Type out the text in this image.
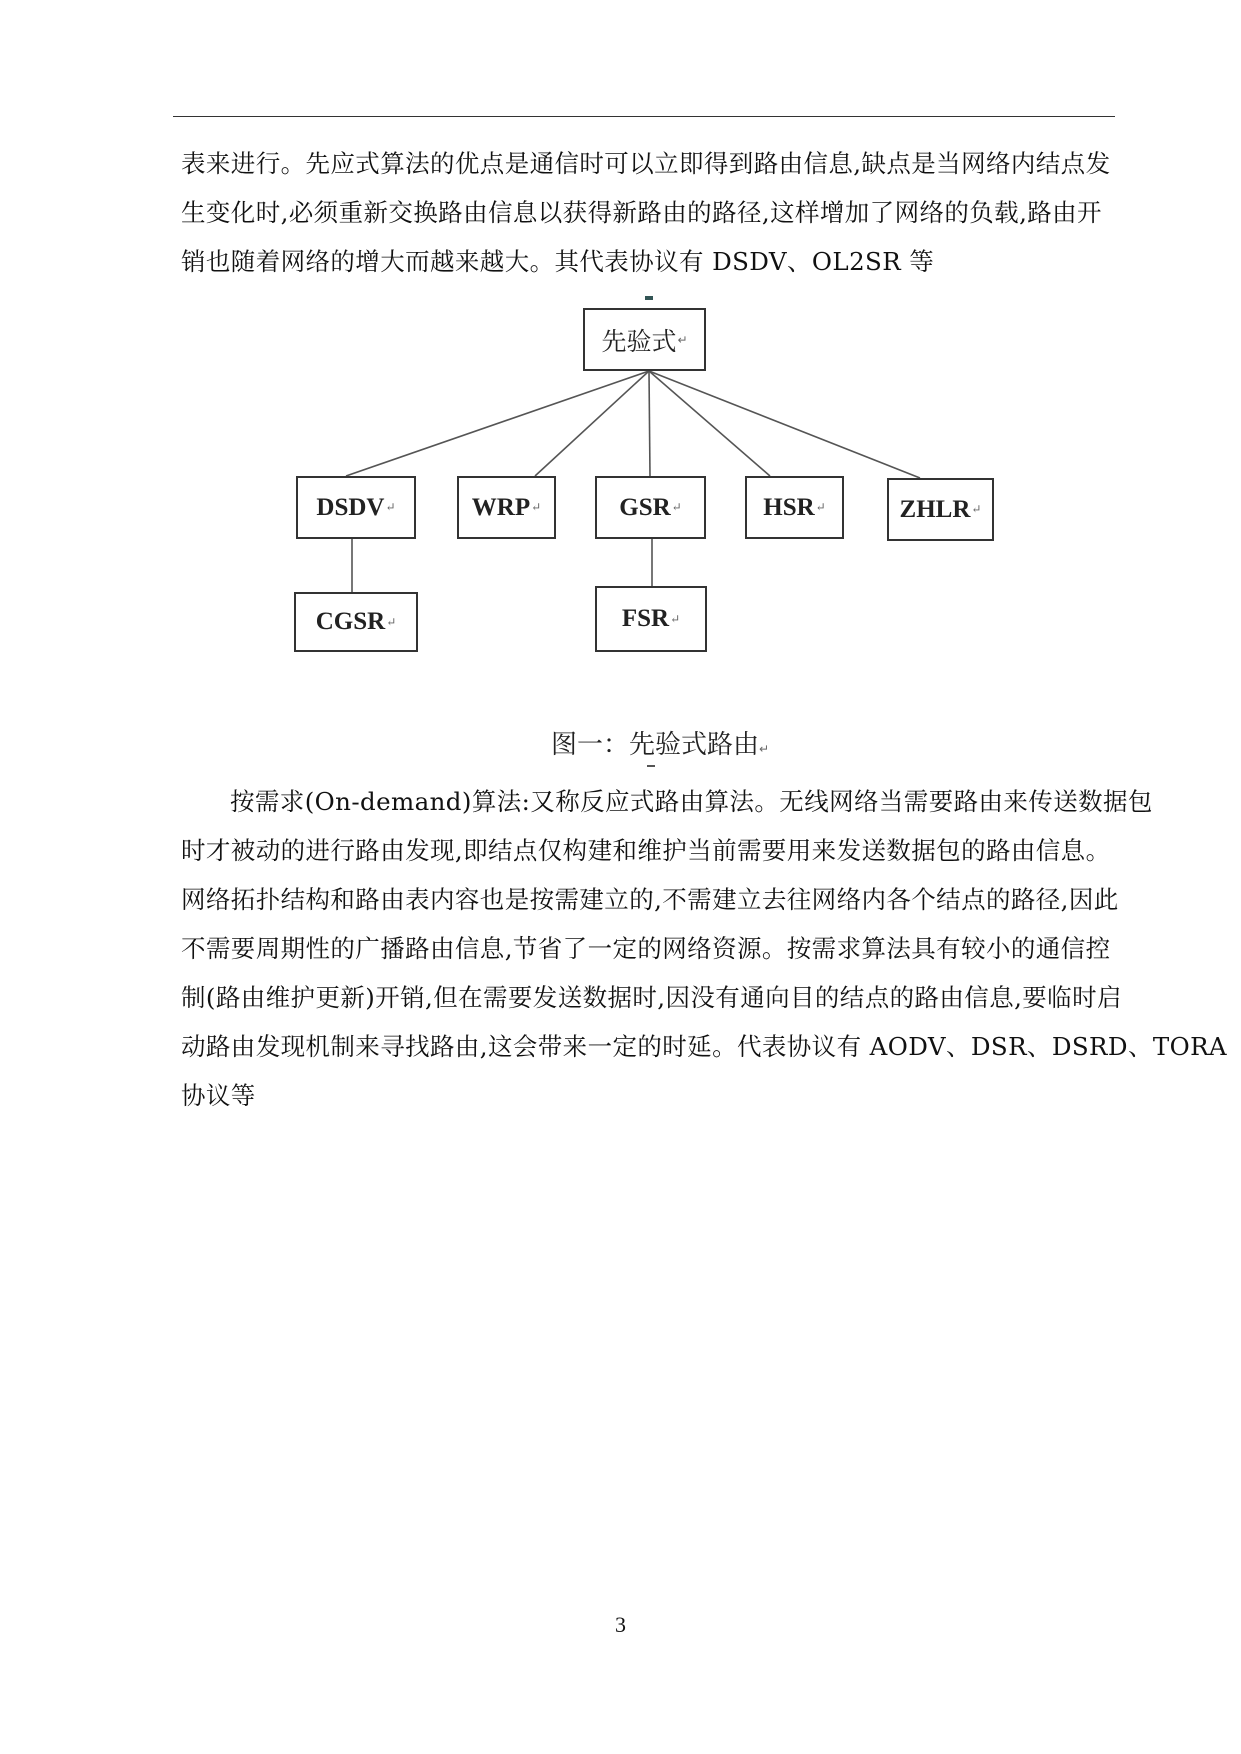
表来进行。先应式算法的优点是通信时可以立即得到路由信息,缺点是当网络内结点发
生变化时,必须重新交换路由信息以获得新路由的路径,这样增加了网络的负载,路由开
销也随着网络的增大而越来越大。其代表协议有 DSDV、OL2SR 等

先验式 ↵
DSDV ↵	WRP ↵	GSR ↵	HSR ↵	ZHLR ↵
CGSR ↵	FSR ↵
图一：先验式路由↵

按需求(On-demand)算法:又称反应式路由算法。无线网络当需要路由来传送数据包
时才被动的进行路由发现,即结点仅构建和维护当前需要用来发送数据包的路由信息。
网络拓扑结构和路由表内容也是按需建立的,不需建立去往网络内各个结点的路径,因此
不需要周期性的广播路由信息,节省了一定的网络资源。按需求算法具有较小的通信控
制(路由维护更新)开销,但在需要发送数据时,因没有通向目的结点的路由信息,要临时启
动路由发现机制来寻找路由,这会带来一定的时延。代表协议有 AODV、DSR、DSRD、TORA
协议等

3
